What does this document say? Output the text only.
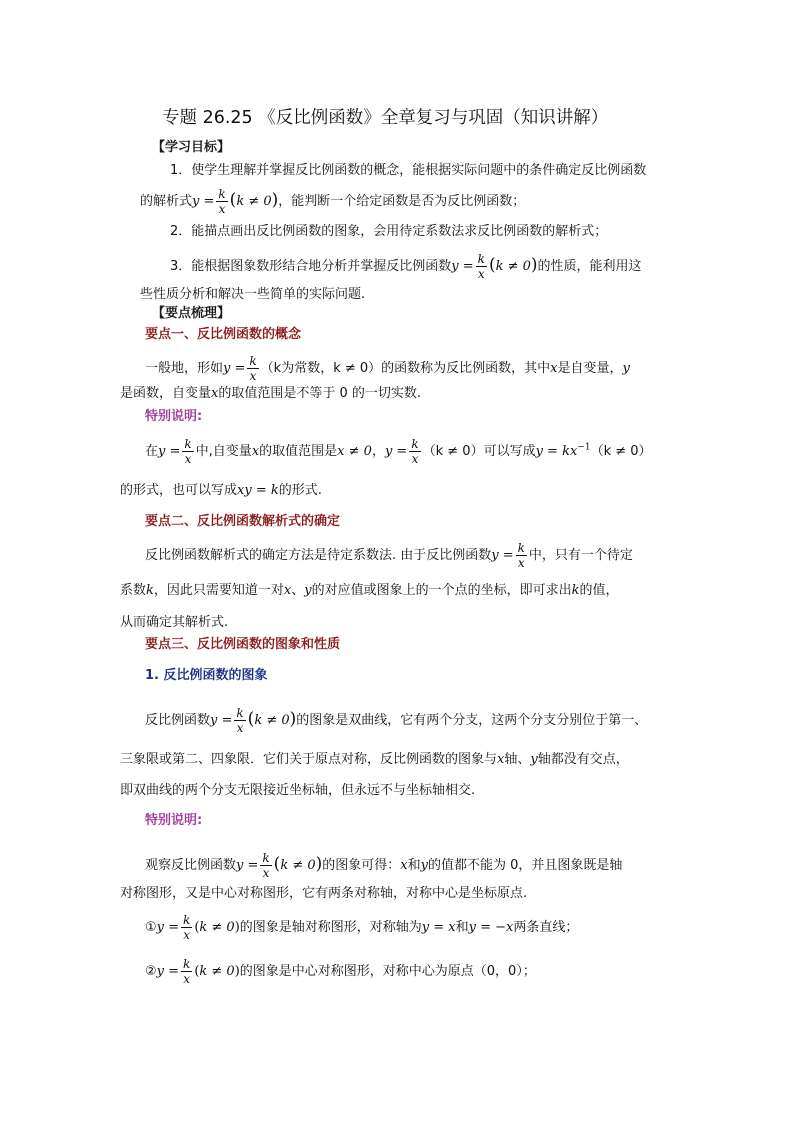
专题 26.25 《反比例函数》全章复习与巩固（知识讲解）
【学习目标】
1．使学生理解并掌握反比例函数的概念，能根据实际问题中的条件确定反比例函数
的解析式$y = \frac{k}{x} (k \ne 0)$，能判断一个给定函数是否为反比例函数；
2．能描点画出反比例函数的图象，会用待定系数法求反比例函数的解析式；
3．能根据图象数形结合地分析并掌握反比例函数$y = \frac{k}{x} (k \ne 0)$的性质，能利用这
些性质分析和解决一些简单的实际问题.
【要点梳理】
要点一、反比例函数的概念
一般地，形如$y = \frac{k}{x} (k$为常数，k ≠ 0）的函数称为反比例函数，其中x是自变量，y
是函数，自变量x的取值范围是不等于 0 的一切实数.
特别说明:
在$y = \frac{k}{x}$ 中,自变量x的取值范围是x ≠ 0，$y = \frac{k}{x} (k \ne 0)$可以写成$y = kx^{-1}(k \ne 0)$
的形式，也可以写成xy = k的形式.
要点二、反比例函数解析式的确定
反比例函数解析式的确定方法是待定系数法. 由于反比例函数$y = \frac{k}{x}$ 中，只有一个待定
系数k，因此只需要知道一对x、y的对应值或图象上的一个点的坐标，即可求出k的值，
从而确定其解析式.
要点三、反比例函数的图象和性质
1. 反比例函数的图象
反比例函数$y = \frac{k}{x} (k \ne 0)$的图象是双曲线，它有两个分支，这两个分支分别位于第一、
三象限或第二、四象限．它们关于原点对称，反比例函数的图象与x轴、y轴都没有交点，
即双曲线的两个分支无限接近坐标轴，但永远不与坐标轴相交.
特别说明:
观察反比例函数$y = \frac{k}{x} (k \ne 0)$的图象可得：x和y的值都不能为 0，并且图象既是轴
对称图形，又是中心对称图形，它有两条对称轴，对称中心是坐标原点.
①y = $\frac{k}{x} (k \ne 0)$的图象是轴对称图形，对称轴为y = x和y = −x两条直线；
②y = $\frac{k}{x} (k \ne 0)$的图象是中心对称图形，对称中心为原点（0，0）；
